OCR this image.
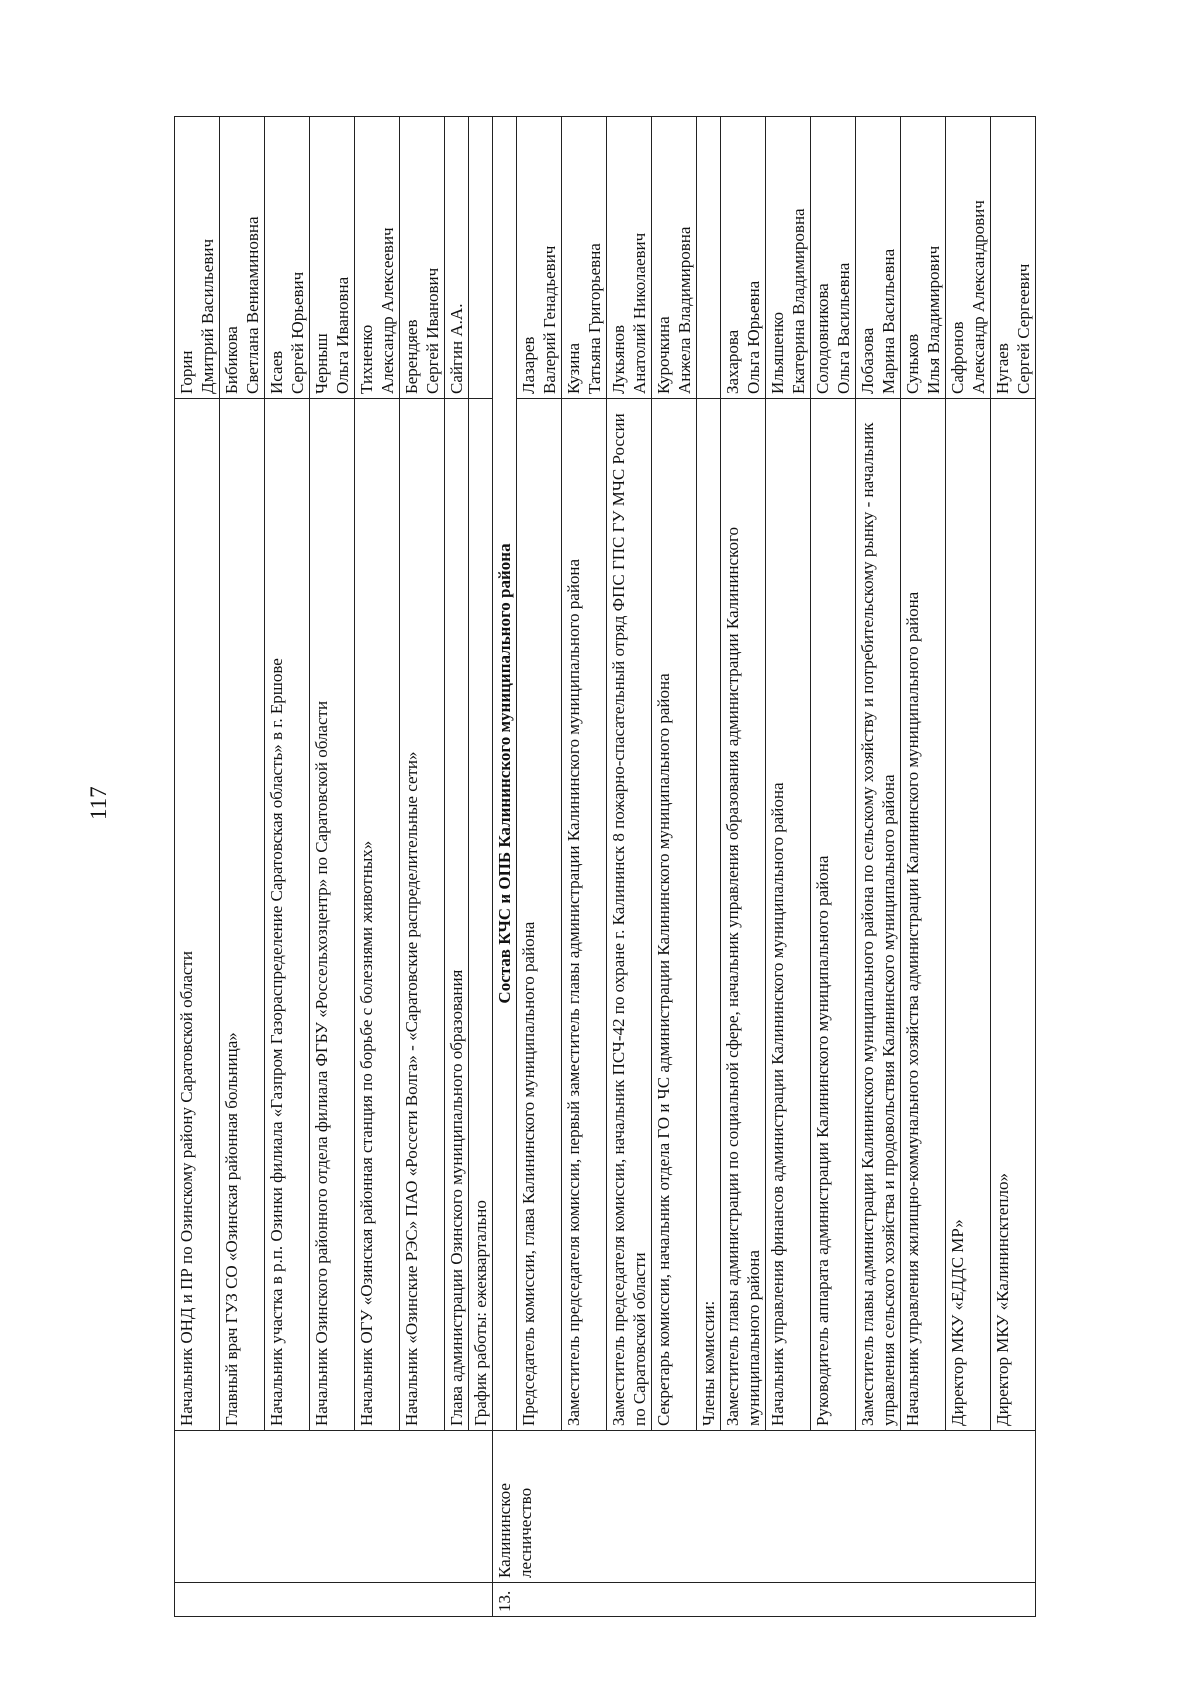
117
		Начальник ОНД и ПР по Озинскому району Саратовской области	Горин Дмитрий Васильевич

		Главный врач ГУЗ СО «Озинская районная больница»	Бибикова Светлана Вениаминовна

		Начальник участка в р.п. Озинки филиала «Газпром Газораспределение Саратовская область» в г. Ершове	Исаев Сергей Юрьевич

		Начальник Озинского районного отдела филиала ФГБУ «Россельхозцентр» по Саратовской области	Черныш Ольга Ивановна

		Начальник ОГУ «Озинская районная станция по борьбе с болезнями животных»	Тихненко Александр Алексеевич

		Начальник «Озинские РЭС» ПАО «Россети Волга» - «Саратовские распределительные сети»	Берендяев Сергей Иванович

		Глава администрации Озинского муниципального образования	Сайгин А.А.

		График работы: ежеквартально	
13.	Калининское лесничество	Состав КЧС и ОПБ Калининского муниципального района	
		Председатель комиссии, глава Калининского муниципального района	Лазарев Валерий Генадьевич

		Заместитель председателя комиссии, первый заместитель главы администрации Калининского муниципального района	Кузина Татьяна Григорьевна

		Заместитель председателя комиссии, начальник ПСЧ-42 по охране г. Калининск 8 пожарно-спасательный отряд ФПС ГПС ГУ МЧС России по Саратовской области	Лукьянов Анатолий Николаевич

		Секретарь комиссии, начальник отдела ГО и ЧС администрации Калининского муниципального района	Курочкина Анжела Владимировна

		Члены комиссии:	
		Заместитель главы администрации по социальной сфере, начальник управления образования администрации Калининского муниципального района	Захарова Ольга Юрьевна

		Начальник управления финансов администрации Калининского муниципального района	Ильяшенко Екатерина Владимировна

		Руководитель аппарата администрации Калининского муниципального района	Солодовникова Ольга Васильевна

		Заместитель главы администрации Калининского муниципального района по сельскому хозяйству и потребительскому рынку - начальник управления сельского хозяйства и продовольствия Калининского муниципального района	Лобазова Марина Васильевна

		Начальник управления жилищно-коммунального хозяйства администрации Калининского муниципального района	Суньков Илья Владимирович

		Директор МКУ «ЕДДС МР»	Сафронов Александр Александрович

		Директор МКУ «Калининсктепло»	Нугаев Сергей Сергеевич
